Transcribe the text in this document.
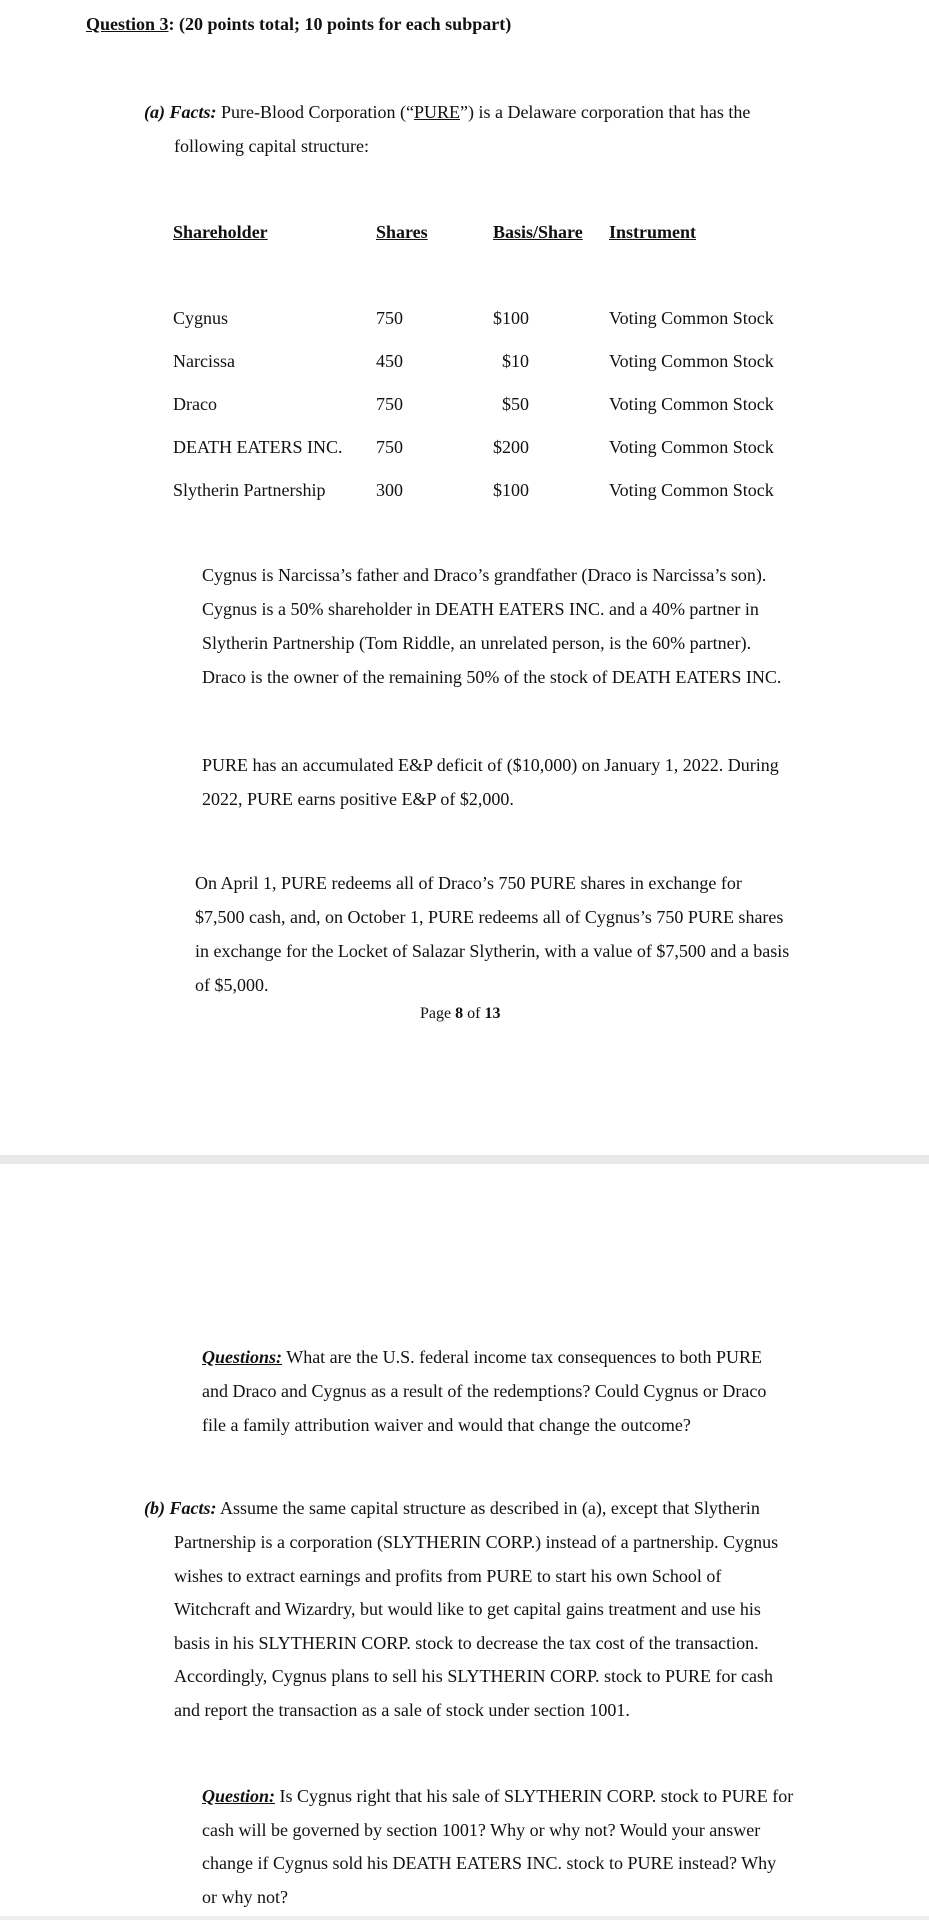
Question 3: (20 points total; 10 points for each subpart)
(a) Facts: Pure-Blood Corporation (“PURE”) is a Delaware corporation that has the
following capital structure:
Shareholder	Shares	Basis/Share Instrument
Cygnus	750	$100	Voting Common Stock
Narcissa	450	$10	Voting Common Stock
Draco	750	$50	Voting Common Stock
DEATH EATERS INC. 750	$200	Voting Common Stock
Slytherin Partnership	300	$100	Voting Common Stock
Cygnus is Narcissa’s father and Draco’s grandfather (Draco is Narcissa’s son).
Cygnus is a 50% shareholder in DEATH EATERS INC. and a 40% partner in
Slytherin Partnership (Tom Riddle, an unrelated person, is the 60% partner).
Draco is the owner of the remaining 50% of the stock of DEATH EATERS INC.
PURE has an accumulated E&P deficit of ($10,000) on January 1, 2022. During
2022, PURE earns positive E&P of $2,000.
On April 1, PURE redeems all of Draco’s 750 PURE shares in exchange for
$7,500 cash, and, on October 1, PURE redeems all of Cygnus’s 750 PURE shares
in exchange for the Locket of Salazar Slytherin, with a value of $7,500 and a basis
of $5,000.
Page 8 of 13
Questions: What are the U.S. federal income tax consequences to both PURE
and Draco and Cygnus as a result of the redemptions? Could Cygnus or Draco
file a family attribution waiver and would that change the outcome?
(b) Facts: Assume the same capital structure as described in (a), except that Slytherin
Partnership is a corporation (SLYTHERIN CORP.) instead of a partnership. Cygnus
wishes to extract earnings and profits from PURE to start his own School of
Witchcraft and Wizardry, but would like to get capital gains treatment and use his
basis in his SLYTHERIN CORP. stock to decrease the tax cost of the transaction.
Accordingly, Cygnus plans to sell his SLYTHERIN CORP. stock to PURE for cash
and report the transaction as a sale of stock under section 1001.
Question: Is Cygnus right that his sale of SLYTHERIN CORP. stock to PURE for
cash will be governed by section 1001? Why or why not? Would your answer
change if Cygnus sold his DEATH EATERS INC. stock to PURE instead? Why
or why not?
